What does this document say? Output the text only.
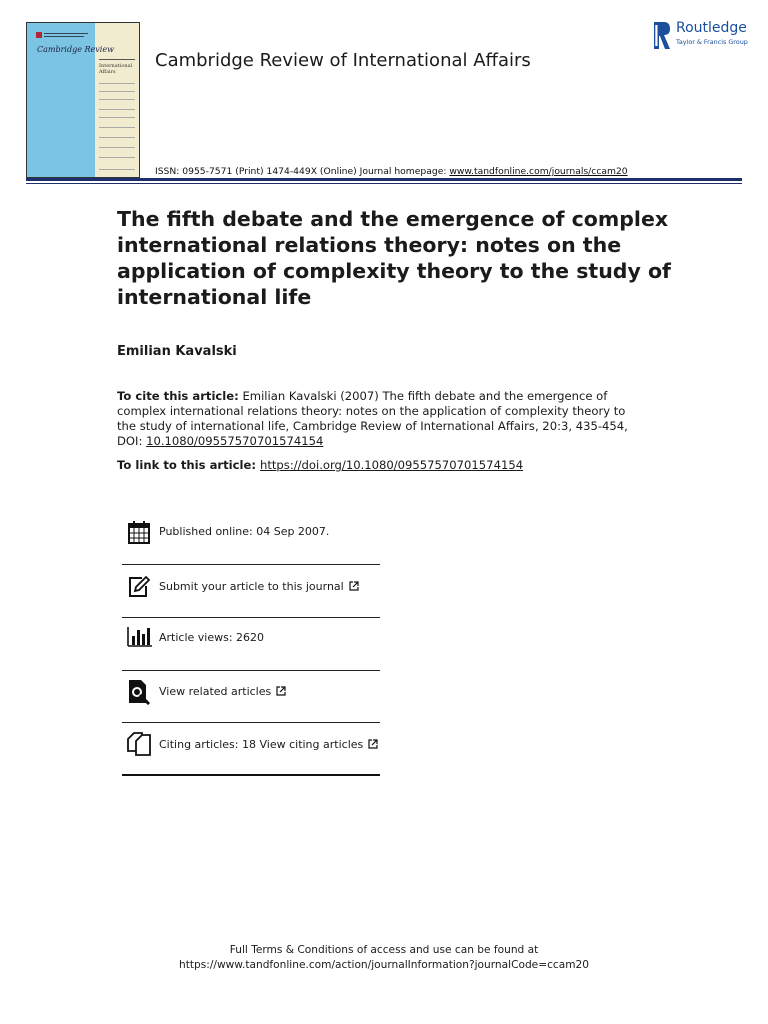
Cambridge Review
International Affairs
Cambridge Review of International Affairs
ISSN: 0955-7571 (Print) 1474-449X (Online) Journal homepage: www.tandfonline.com/journals/ccam20
Routledge
Taylor & Francis Group
The fifth debate and the emergence of complex international relations theory: notes on the application of complexity theory to the study of international life
Emilian Kavalski
To cite this article: Emilian Kavalski (2007) The fifth debate and the emergence of complex international relations theory: notes on the application of complexity theory to the study of international life, Cambridge Review of International Affairs, 20:3, 435-454, DOI: 10.1080/09557570701574154
To link to this article: https://doi.org/10.1080/09557570701574154
Published online: 04 Sep 2007.
Submit your article to this journal
Article views: 2620
View related articles
Citing articles: 18 View citing articles
Full Terms & Conditions of access and use can be found at
https://www.tandfonline.com/action/journalInformation?journalCode=ccam20
